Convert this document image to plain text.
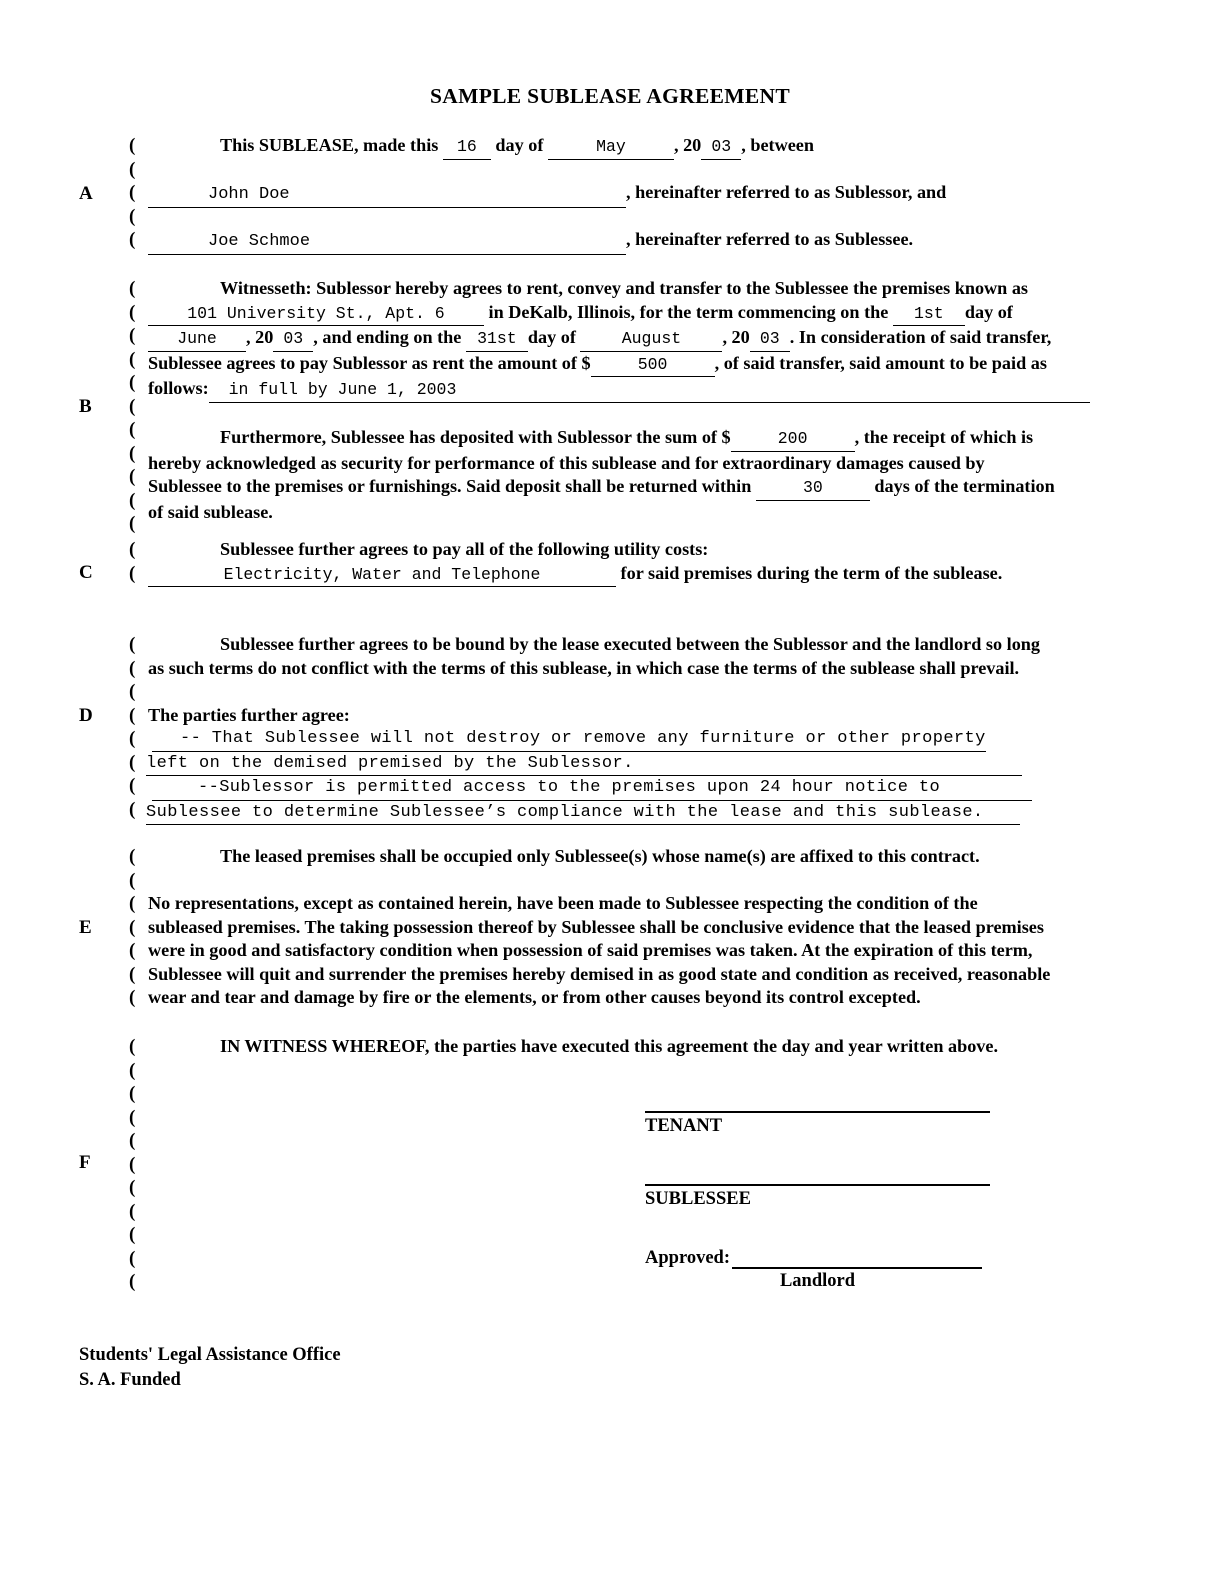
SAMPLE SUBLEASE AGREEMENT
A
B
C
D
E
F
(
(
(
(
(
(
(
(
(
(
(
(
(
(
(
(
(
(
(
(
(
(
(
(
(
(
(
(
(
(
(
(
(
(
(
(
(
(
(
(
(
(
(
(

This SUBLEASE, made this 16 day of	May	, 20 03 , between

John Doe	, hereinafter referred to as Sublessor, and

Joe Schmoe	, hereinafter referred to as Sublessee.

Witnesseth: Sublessor hereby agrees to rent, convey and transfer to the Sublessee the premises known as

101 University St., Apt. 6 in DeKalb, Illinois, for the term commencing on the 1st day of

June , 20 03 , and ending on the 31st day of	August , 20 03 . In consideration of said transfer,

Sublessee agrees to pay Sublessor as rent the amount of $	500	, of said transfer, said amount to be paid as

follows: in full by June 1, 2003

Furthermore, Sublessee has deposited with Sublessor the sum of $	200	, the receipt of which is

hereby acknowledged as security for performance of this sublease and for extraordinary damages caused by

Sublessee to the premises or furnishings. Said deposit shall be returned within	30	days of the termination

of said sublease.

Sublessee further agrees to pay all of the following utility costs:

Electricity, Water and Telephone	for said premises during the term of the sublease.

Sublessee further agrees to be bound by the lease executed between the Sublessor and the landlord so long

as such terms do not conflict with the terms of this sublease, in which case the terms of the sublease shall prevail.

The parties further agree:

-- That Sublessee will not destroy or remove any furniture or other property

left on the demised premised by the Sublessor.

--Sublessor is permitted access to the premises upon 24 hour notice to

Sublessee to determine Sublessee’s compliance with the lease and this sublease.

The leased premises shall be occupied only Sublessee(s) whose name(s) are affixed to this contract.

No representations, except as contained herein, have been made to Sublessee respecting the condition of the

subleased premises. The taking possession thereof by Sublessee shall be conclusive evidence that the leased premises

were in good and satisfactory condition when possession of said premises was taken. At the expiration of this term,

Sublessee will quit and surrender the premises hereby demised in as good state and condition as received, reasonable

wear and tear and damage by fire or the elements, or from other causes beyond its control excepted.

IN WITNESS WHEREOF, the parties have executed this agreement the day and year written above.

TENANT
SUBLESSEE
Approved:
Landlord
Students' Legal Assistance Office
S. A. Funded
